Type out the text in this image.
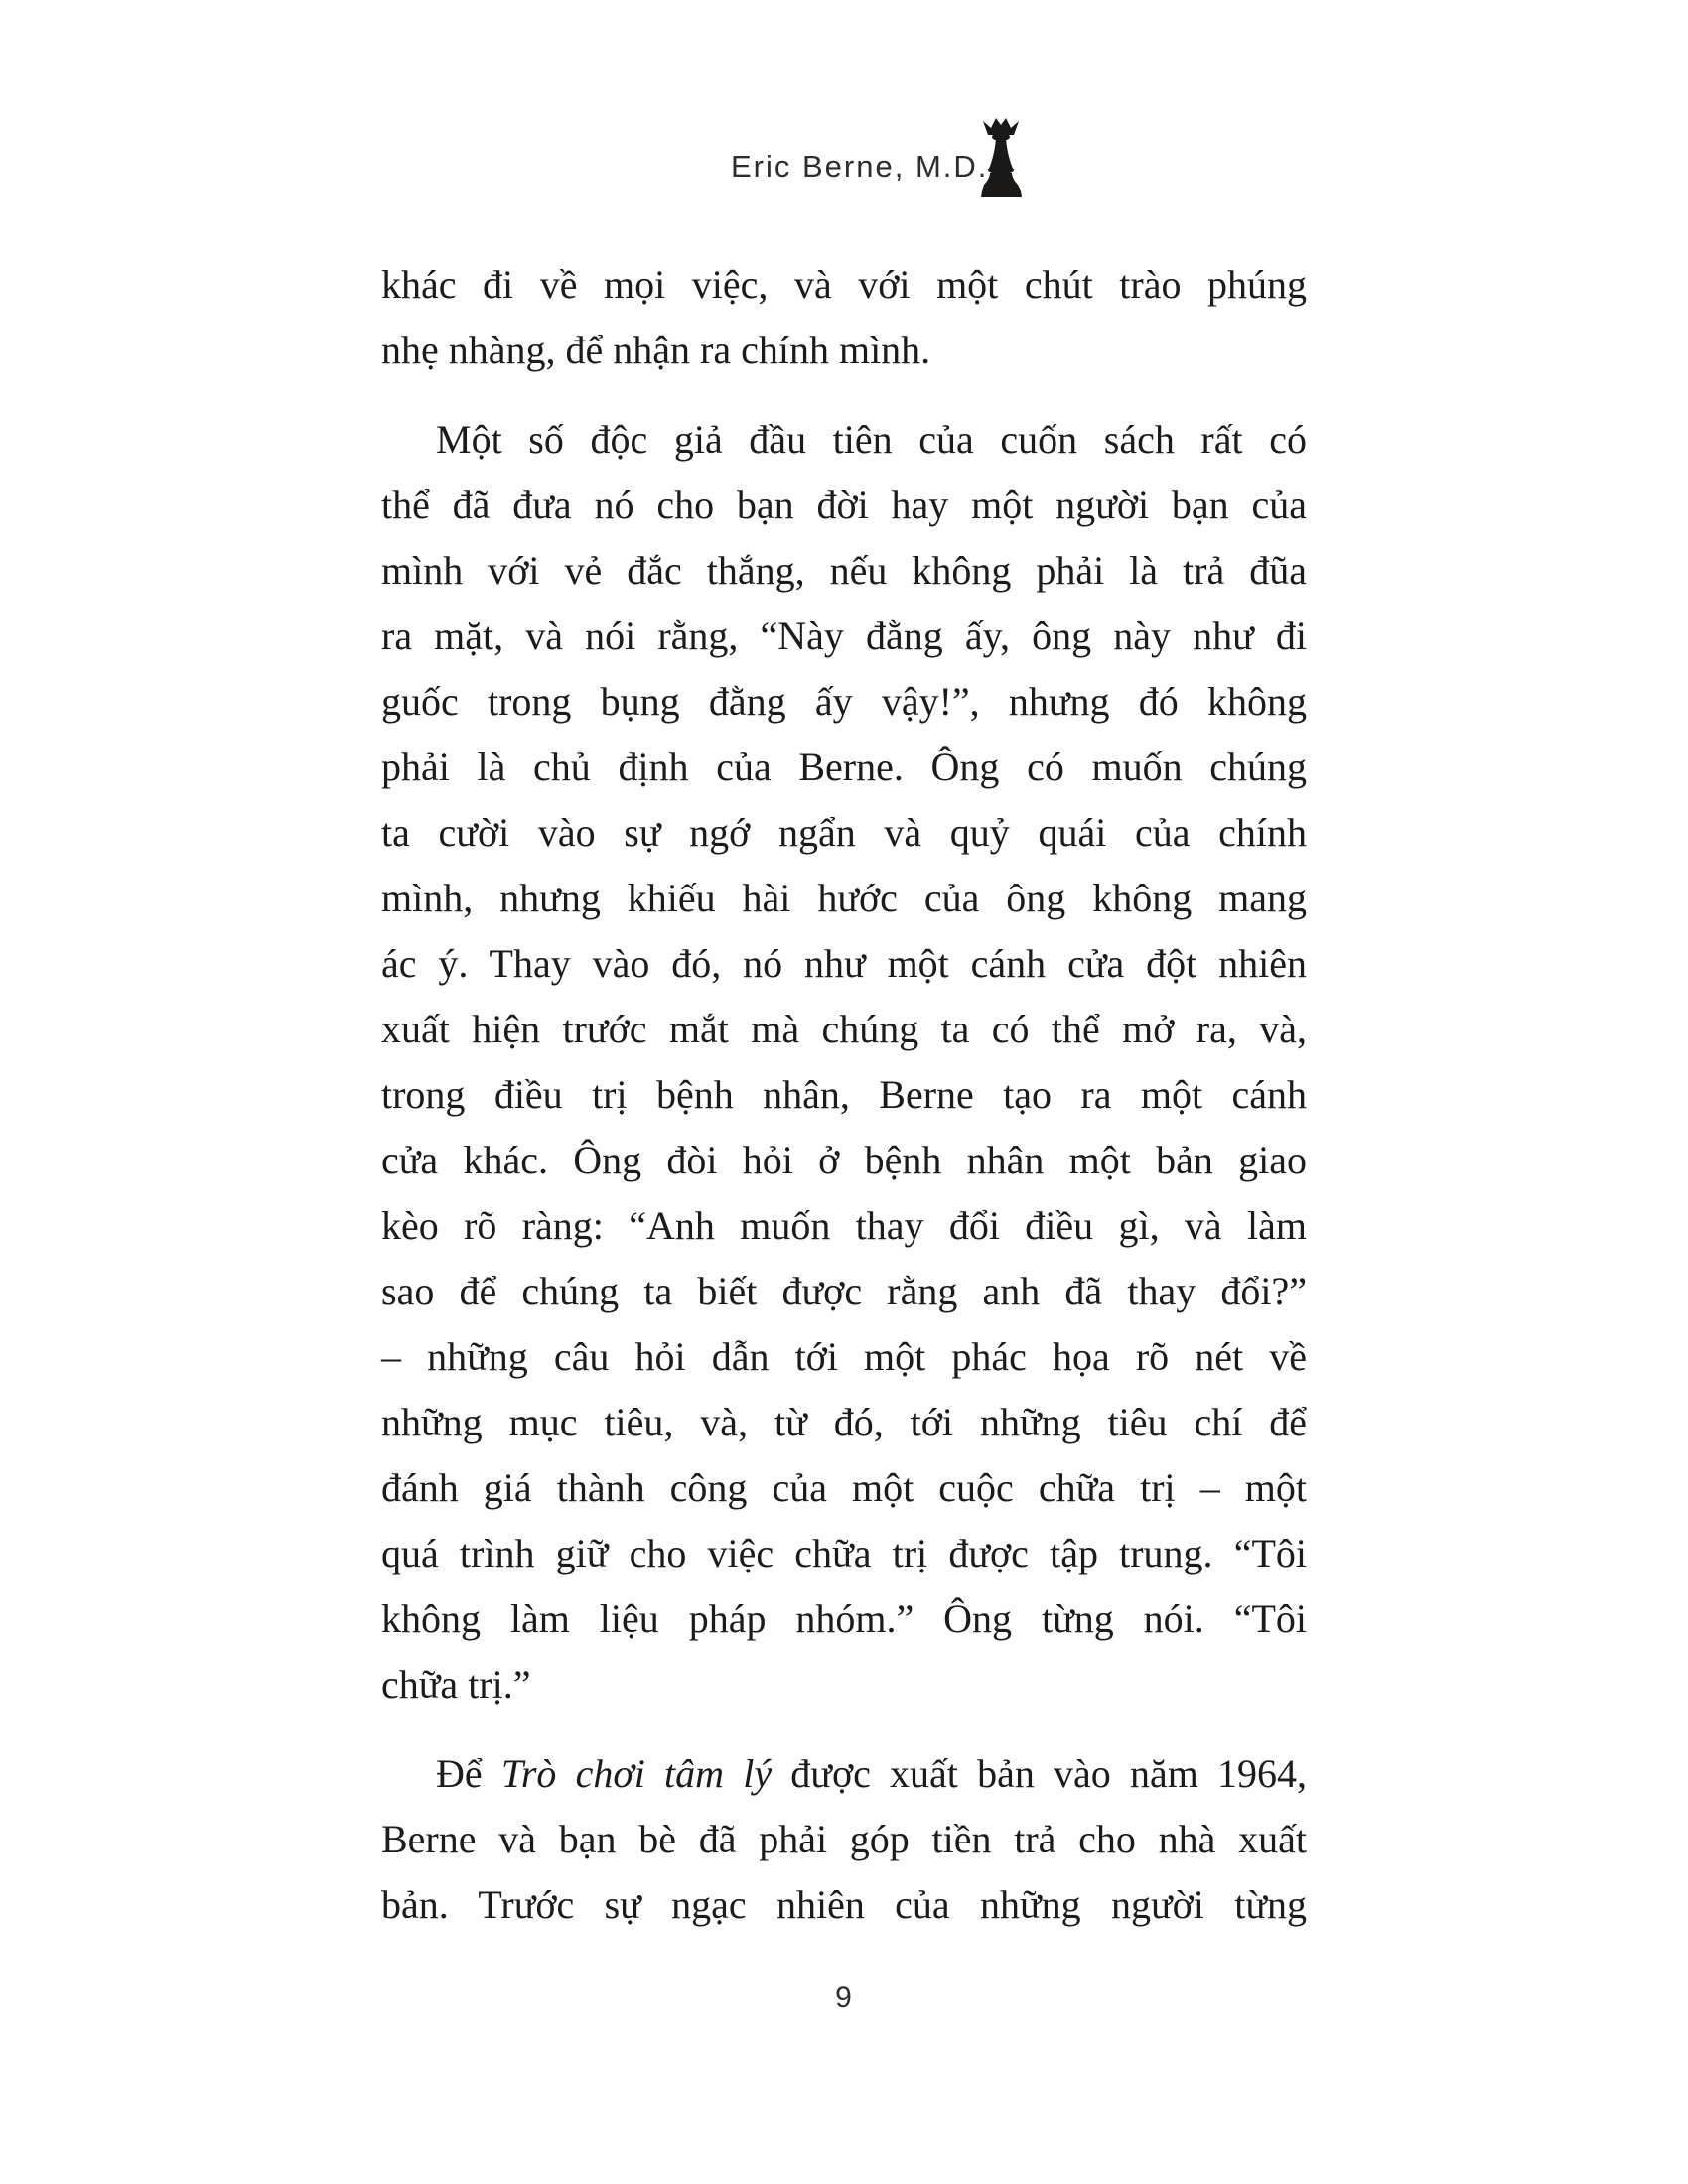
Eric Berne, M.D.
khác đi về mọi việc, và với một chút trào phúng
nhẹ nhàng, để nhận ra chính mình.
Một số độc giả đầu tiên của cuốn sách rất có
thể đã đưa nó cho bạn đời hay một người bạn của
mình với vẻ đắc thắng, nếu không phải là trả đũa
ra mặt, và nói rằng, “Này đằng ấy, ông này như đi
guốc trong bụng đằng ấy vậy!”, nhưng đó không
phải là chủ định của Berne. Ông có muốn chúng
ta cười vào sự ngớ ngẩn và quỷ quái của chính
mình, nhưng khiếu hài hước của ông không mang
ác ý. Thay vào đó, nó như một cánh cửa đột nhiên
xuất hiện trước mắt mà chúng ta có thể mở ra, và,
trong điều trị bệnh nhân, Berne tạo ra một cánh
cửa khác. Ông đòi hỏi ở bệnh nhân một bản giao
kèo rõ ràng: “Anh muốn thay đổi điều gì, và làm
sao để chúng ta biết được rằng anh đã thay đổi?”
– những câu hỏi dẫn tới một phác họa rõ nét về
những mục tiêu, và, từ đó, tới những tiêu chí để
đánh giá thành công của một cuộc chữa trị – một
quá trình giữ cho việc chữa trị được tập trung. “Tôi
không làm liệu pháp nhóm.” Ông từng nói. “Tôi
chữa trị.”
Để Trò chơi tâm lý được xuất bản vào năm 1964,
Berne và bạn bè đã phải góp tiền trả cho nhà xuất
bản. Trước sự ngạc nhiên của những người từng
9
